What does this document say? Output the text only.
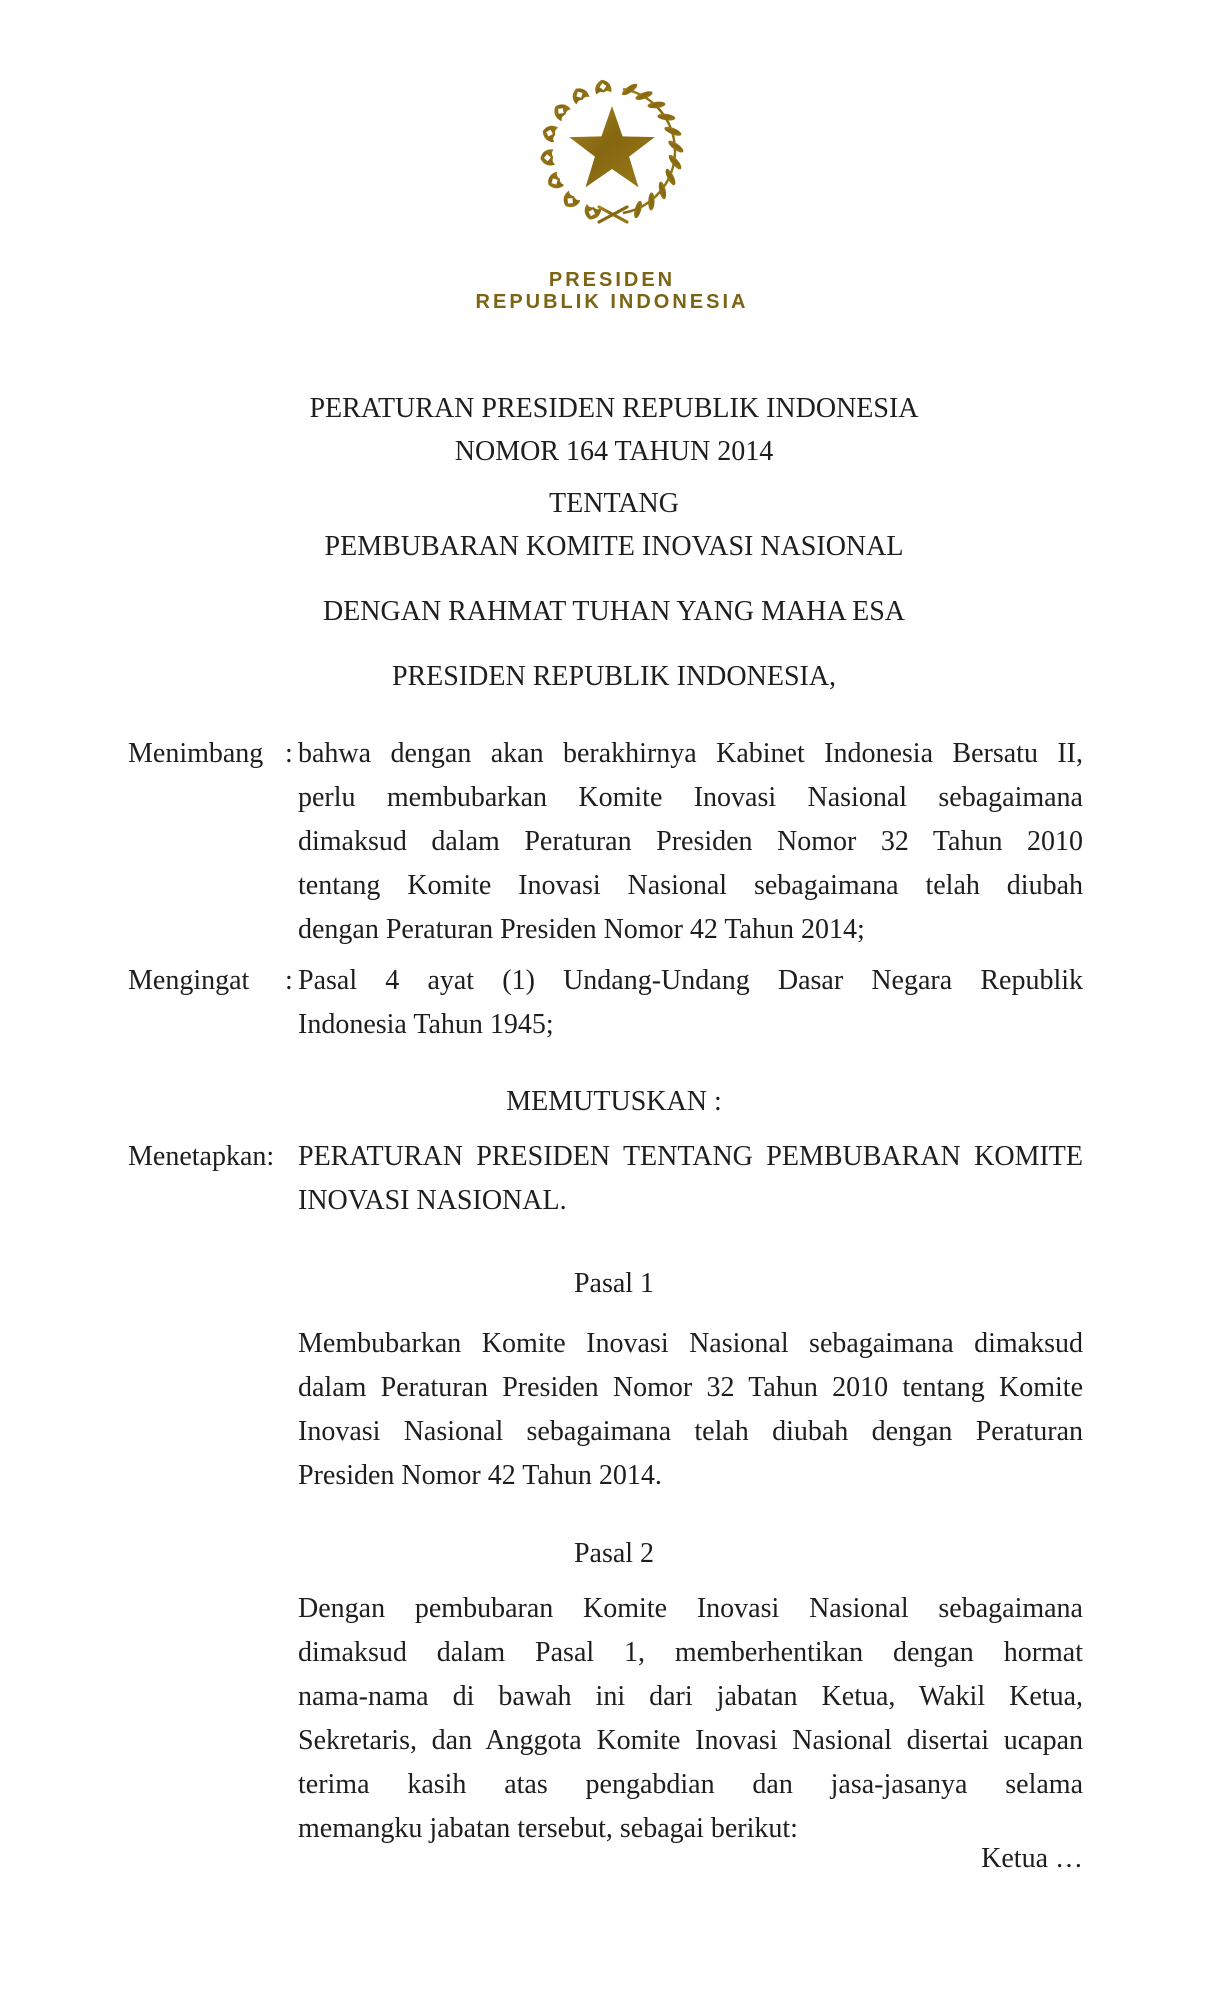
PRESIDEN
REPUBLIK INDONESIA
PERATURAN PRESIDEN REPUBLIK INDONESIA
NOMOR 164 TAHUN 2014
TENTANG
PEMBUBARAN KOMITE INOVASI NASIONAL
DENGAN RAHMAT TUHAN YANG MAHA ESA
PRESIDEN REPUBLIK INDONESIA,
Menimbang : bahwa dengan akan berakhirnya Kabinet Indonesia Bersatu II,
perlu membubarkan Komite Inovasi Nasional sebagaimana
dimaksud dalam Peraturan Presiden Nomor 32 Tahun 2010
tentang Komite Inovasi Nasional sebagaimana telah diubah
dengan Peraturan Presiden Nomor 42 Tahun 2014;
Mengingat : Pasal 4 ayat (1) Undang-Undang Dasar Negara Republik
Indonesia Tahun 1945;
MEMUTUSKAN :
Menetapkan: PERATURAN PRESIDEN TENTANG PEMBUBARAN KOMITE
INOVASI NASIONAL.
Pasal 1
Membubarkan Komite Inovasi Nasional sebagaimana dimaksud
dalam Peraturan Presiden Nomor 32 Tahun 2010 tentang Komite
Inovasi Nasional sebagaimana telah diubah dengan Peraturan
Presiden Nomor 42 Tahun 2014.
Pasal 2
Dengan pembubaran Komite Inovasi Nasional sebagaimana
dimaksud dalam Pasal 1, memberhentikan dengan hormat
nama-nama di bawah ini dari jabatan Ketua, Wakil Ketua,
Sekretaris, dan Anggota Komite Inovasi Nasional disertai ucapan
terima kasih atas pengabdian dan jasa-jasanya selama
memangku jabatan tersebut, sebagai berikut:
Ketua …
